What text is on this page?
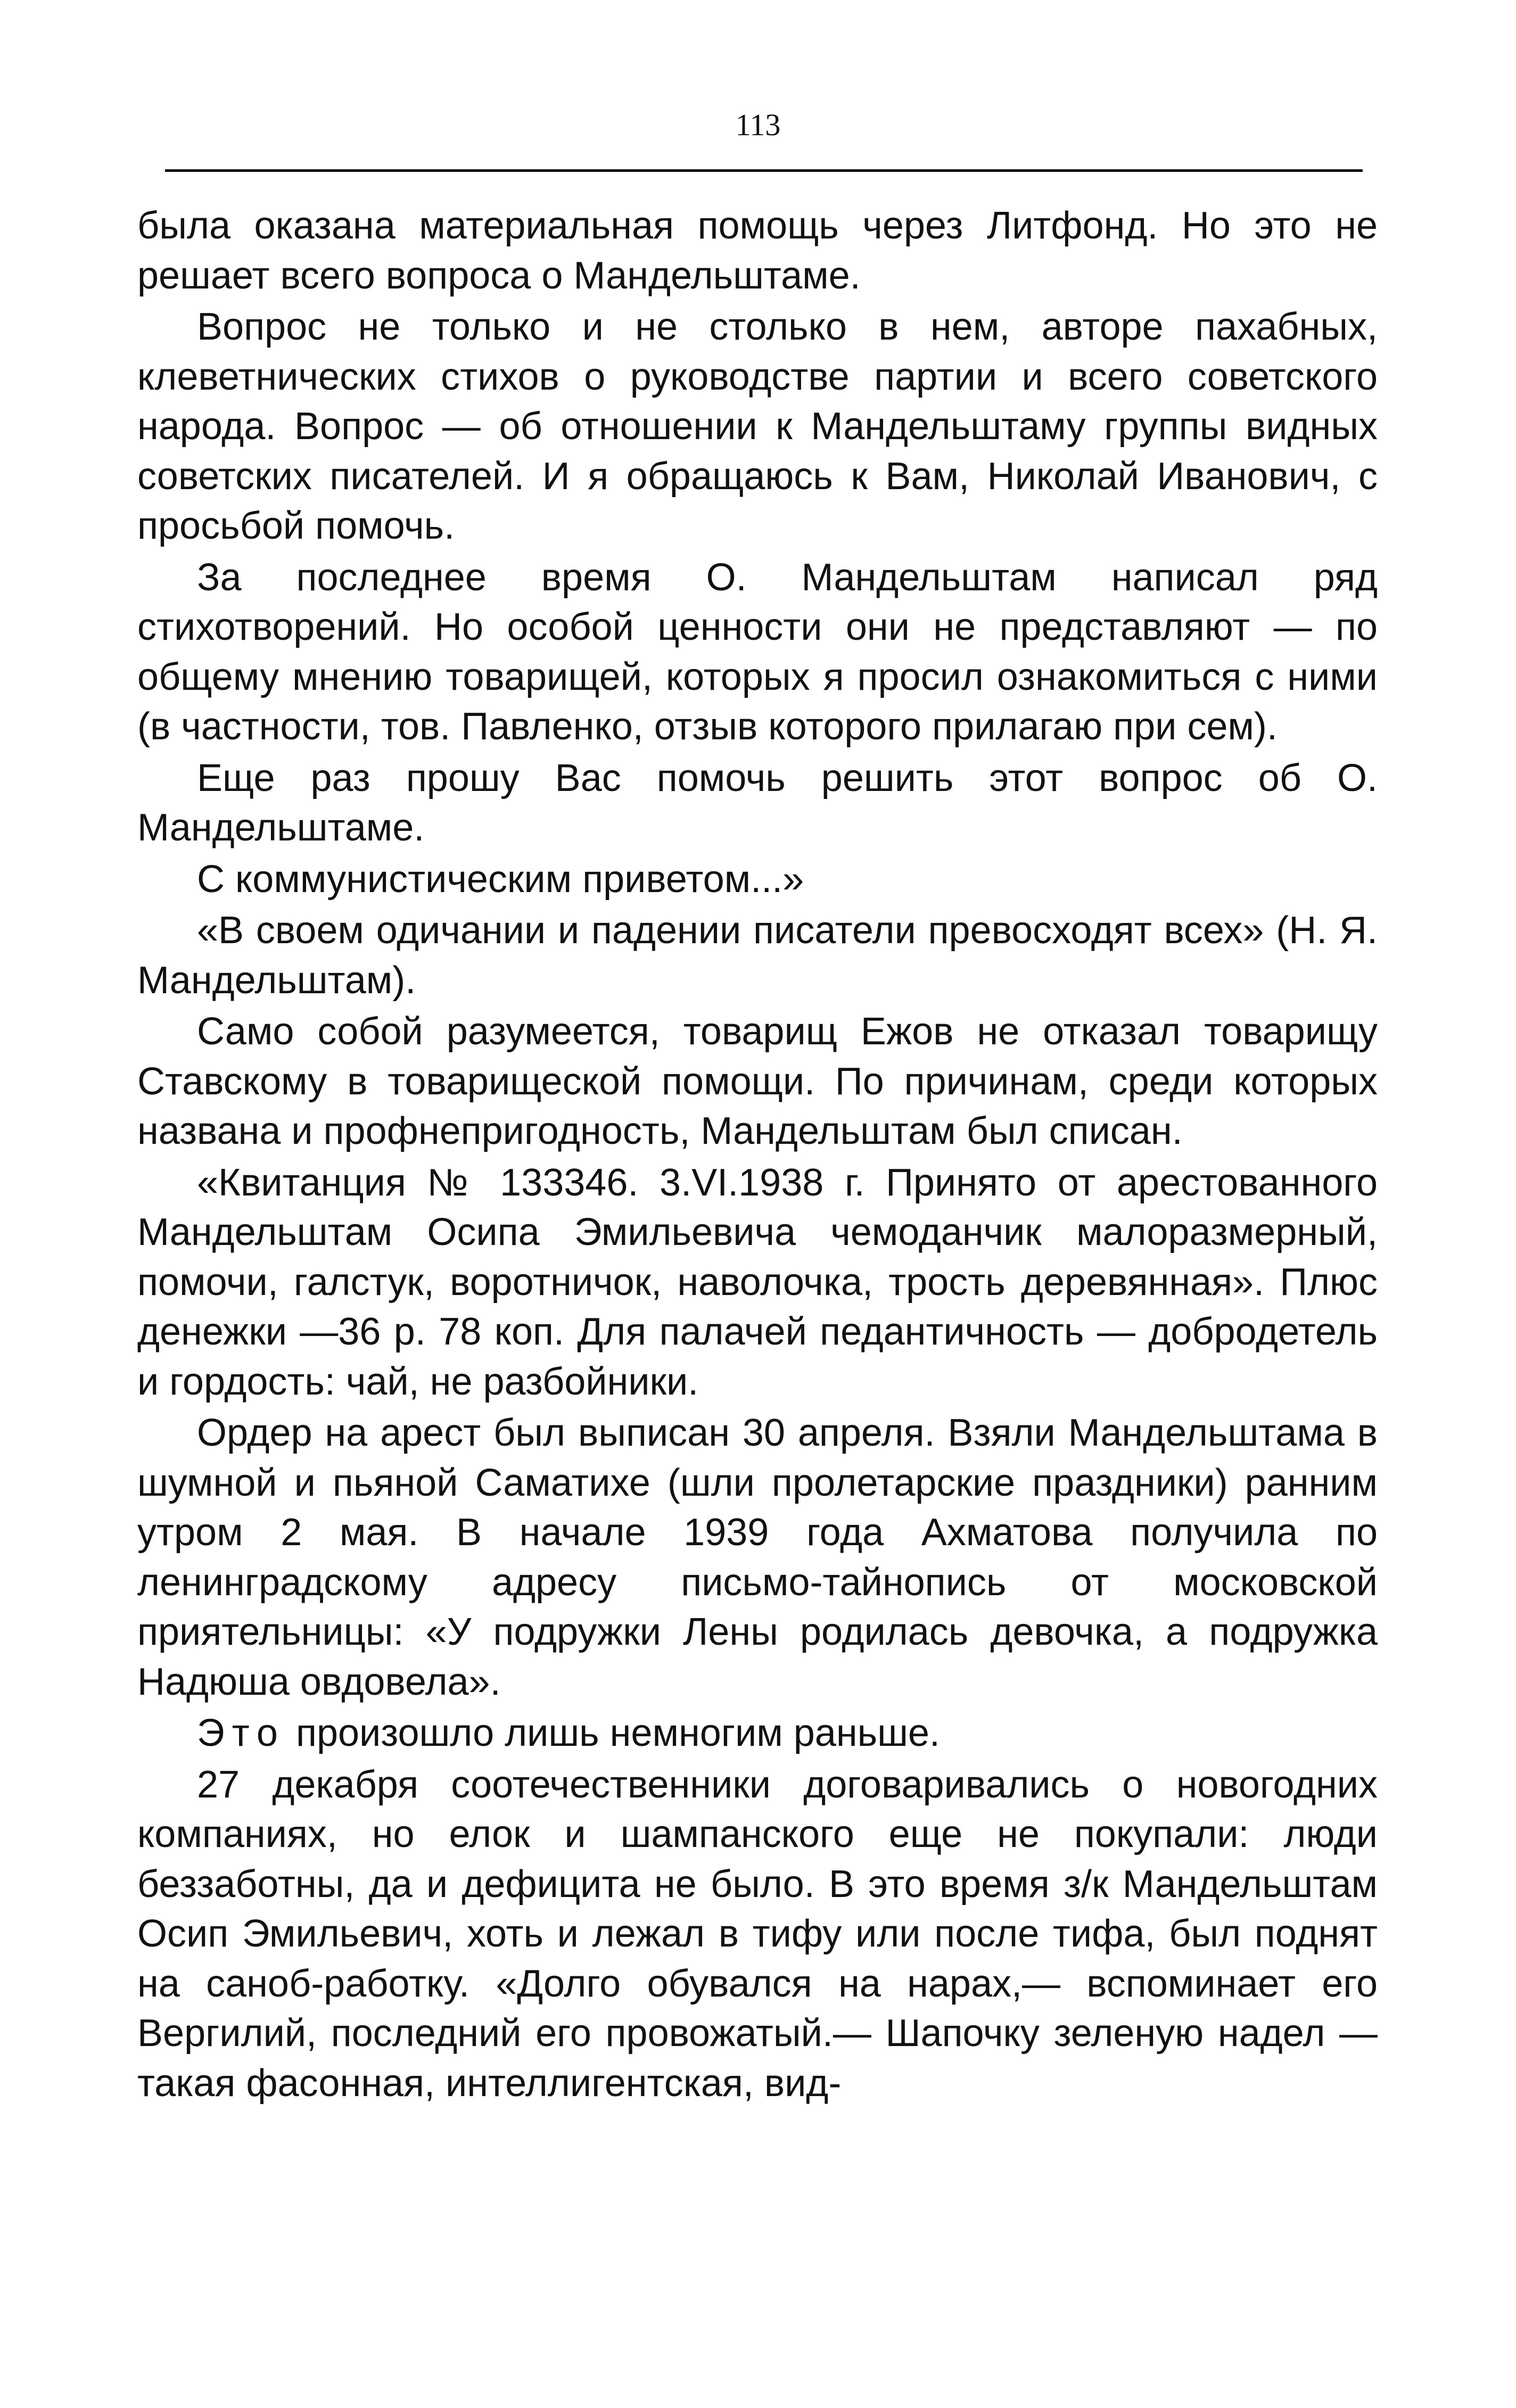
113

была оказана материальная помощь через Литфонд. Но это не решает всего вопроса о Мандельштаме.

Вопрос не только и не столько в нем, авторе пахабных, клеветнических стихов о руководстве партии и всего советского народа. Вопрос — об отношении к Мандельштаму группы видных советских писателей. И я обращаюсь к Вам, Николай Иванович, с просьбой помочь.

За последнее время О. Мандельштам написал ряд стихотворений. Но особой ценности они не представляют — по общему мнению товарищей, которых я просил ознакомиться с ними (в частности, тов. Павленко, отзыв которого прилагаю при сем).

Еще раз прошу Вас помочь решить этот вопрос об О. Мандельштаме.

С коммунистическим приветом...»

«В своем одичании и падении писатели превосходят всех» (Н. Я. Мандельштам).

Само собой разумеется, товарищ Ежов не отказал товарищу Ставскому в товарищеской помощи. По причинам, среди которых названа и профнепригодность, Мандельштам был списан.

«Квитанция № 133346. 3.VI.1938 г. Принято от арестованного Мандельштам Осипа Эмильевича чемоданчик малоразмерный, помочи, галстук, воротничок, наволочка, трость деревянная». Плюс денежки —36 р. 78 коп. Для палачей педантичность — добродетель и гордость: чай, не разбойники.

Ордер на арест был выписан 30 апреля. Взяли Мандельштама в шумной и пьяной Саматихе (шли пролетарские праздники) ранним утром 2 мая. В начале 1939 года Ахматова получила по ленинградскому адресу письмо-тайнопись от московской приятельницы: «У подружки Лены родилась девочка, а подружка Надюша овдовела».

Это произошло лишь немногим раньше.

27 декабря соотечественники договаривались о новогодних компаниях, но елок и шампанского еще не покупали: люди беззаботны, да и дефицита не было. В это время з/к Мандельштам Осип Эмильевич, хоть и лежал в тифу или после тифа, был поднят на саноб-работку. «Долго обувался на нарах,— вспоминает его Вергилий, последний его провожатый.— Шапочку зеленую надел — такая фасонная, интеллигентская, вид-
